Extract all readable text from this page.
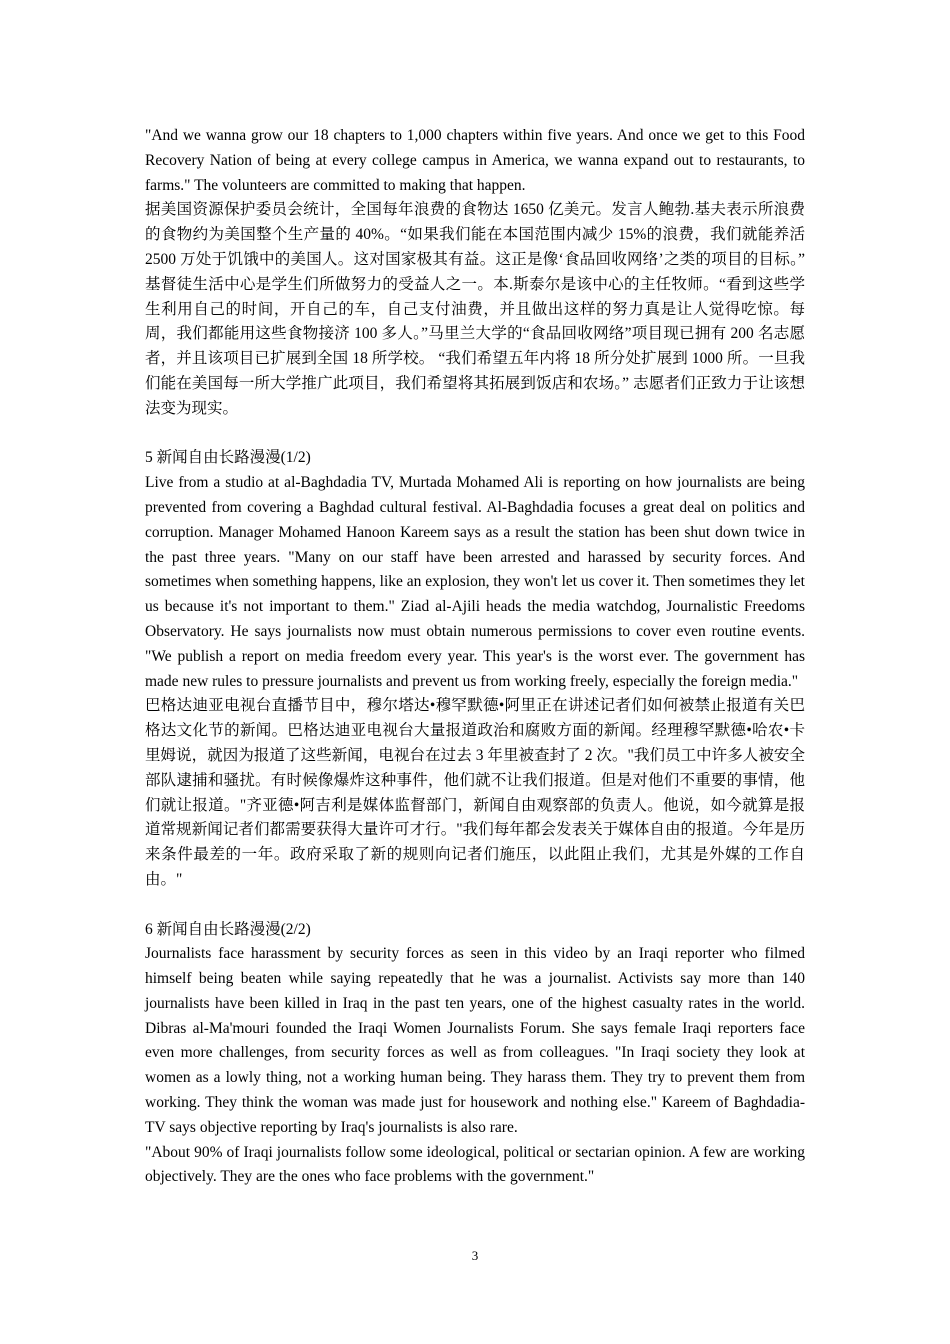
"And we wanna grow our 18 chapters to 1,000 chapters within five years. And once we get to this Food Recovery Nation of being at every college campus in America, we wanna expand out to restaurants, to farms." The volunteers are committed to making that happen.

据美国资源保护委员会统计，全国每年浪费的食物达 1650 亿美元。发言人鲍勃.基夫表示所浪费的食物约为美国整个生产量的 40%。“如果我们能在本国范围内减少 15%的浪费，我们就能养活 2500 万处于饥饿中的美国人。这对国家极其有益。这正是像‘食品回收网络’之类的项目的目标。” 基督徒生活中心是学生们所做努力的受益人之一。本.斯泰尔是该中心的主任牧师。“看到这些学生利用自己的时间，开自己的车，自己支付油费，并且做出这样的努力真是让人觉得吃惊。每周，我们都能用这些食物接济 100 多人。”马里兰大学的“食品回收网络”项目现已拥有 200 名志愿者，并且该项目已扩展到全国 18 所学校。 “我们希望五年内将 18 所分处扩展到 1000 所。一旦我们能在美国每一所大学推广此项目，我们希望将其拓展到饭店和农场。” 志愿者们正致力于让该想法变为现实。

5 新闻自由长路漫漫(1/2)

Live from a studio at al-Baghdadia TV, Murtada Mohamed Ali is reporting on how journalists are being prevented from covering a Baghdad cultural festival. Al-Baghdadia focuses a great deal on politics and corruption. Manager Mohamed Hanoon Kareem says as a result the station has been shut down twice in the past three years. "Many on our staff have been arrested and harassed by security forces. And sometimes when something happens, like an explosion, they won't let us cover it. Then sometimes they let us because it's not important to them." Ziad al-Ajili heads the media watchdog, Journalistic Freedoms Observatory. He says journalists now must obtain numerous permissions to cover even routine events. "We publish a report on media freedom every year. This year's is the worst ever. The government has made new rules to pressure journalists and prevent us from working freely, especially the foreign media."

巴格达迪亚电视台直播节目中，穆尔塔达•穆罕默德•阿里正在讲述记者们如何被禁止报道有关巴格达文化节的新闻。巴格达迪亚电视台大量报道政治和腐败方面的新闻。经理穆罕默德•哈农•卡里姆说，就因为报道了这些新闻，电视台在过去 3 年里被查封了 2 次。"我们员工中许多人被安全部队逮捕和骚扰。有时候像爆炸这种事件，他们就不让我们报道。但是对他们不重要的事情，他们就让报道。"齐亚德•阿吉利是媒体监督部门，新闻自由观察部的负责人。他说，如今就算是报道常规新闻记者们都需要获得大量许可才行。"我们每年都会发表关于媒体自由的报道。今年是历来条件最差的一年。政府采取了新的规则向记者们施压，以此阻止我们，尤其是外媒的工作自由。"

6 新闻自由长路漫漫(2/2)

Journalists face harassment by security forces as seen in this video by an Iraqi reporter who filmed himself being beaten while saying repeatedly that he was a journalist. Activists say more than 140 journalists have been killed in Iraq in the past ten years, one of the highest casualty rates in the world. Dibras al-Ma'mouri founded the Iraqi Women Journalists Forum. She says female Iraqi reporters face even more challenges, from security forces as well as from colleagues. "In Iraqi society they look at women as a lowly thing, not a working human being. They harass them. They try to prevent them from working. They think the woman was made just for housework and nothing else." Kareem of Baghdadia-TV says objective reporting by Iraq's journalists is also rare.

"About 90% of Iraqi journalists follow some ideological, political or sectarian opinion. A few are working objectively. They are the ones who face problems with the government."

3
